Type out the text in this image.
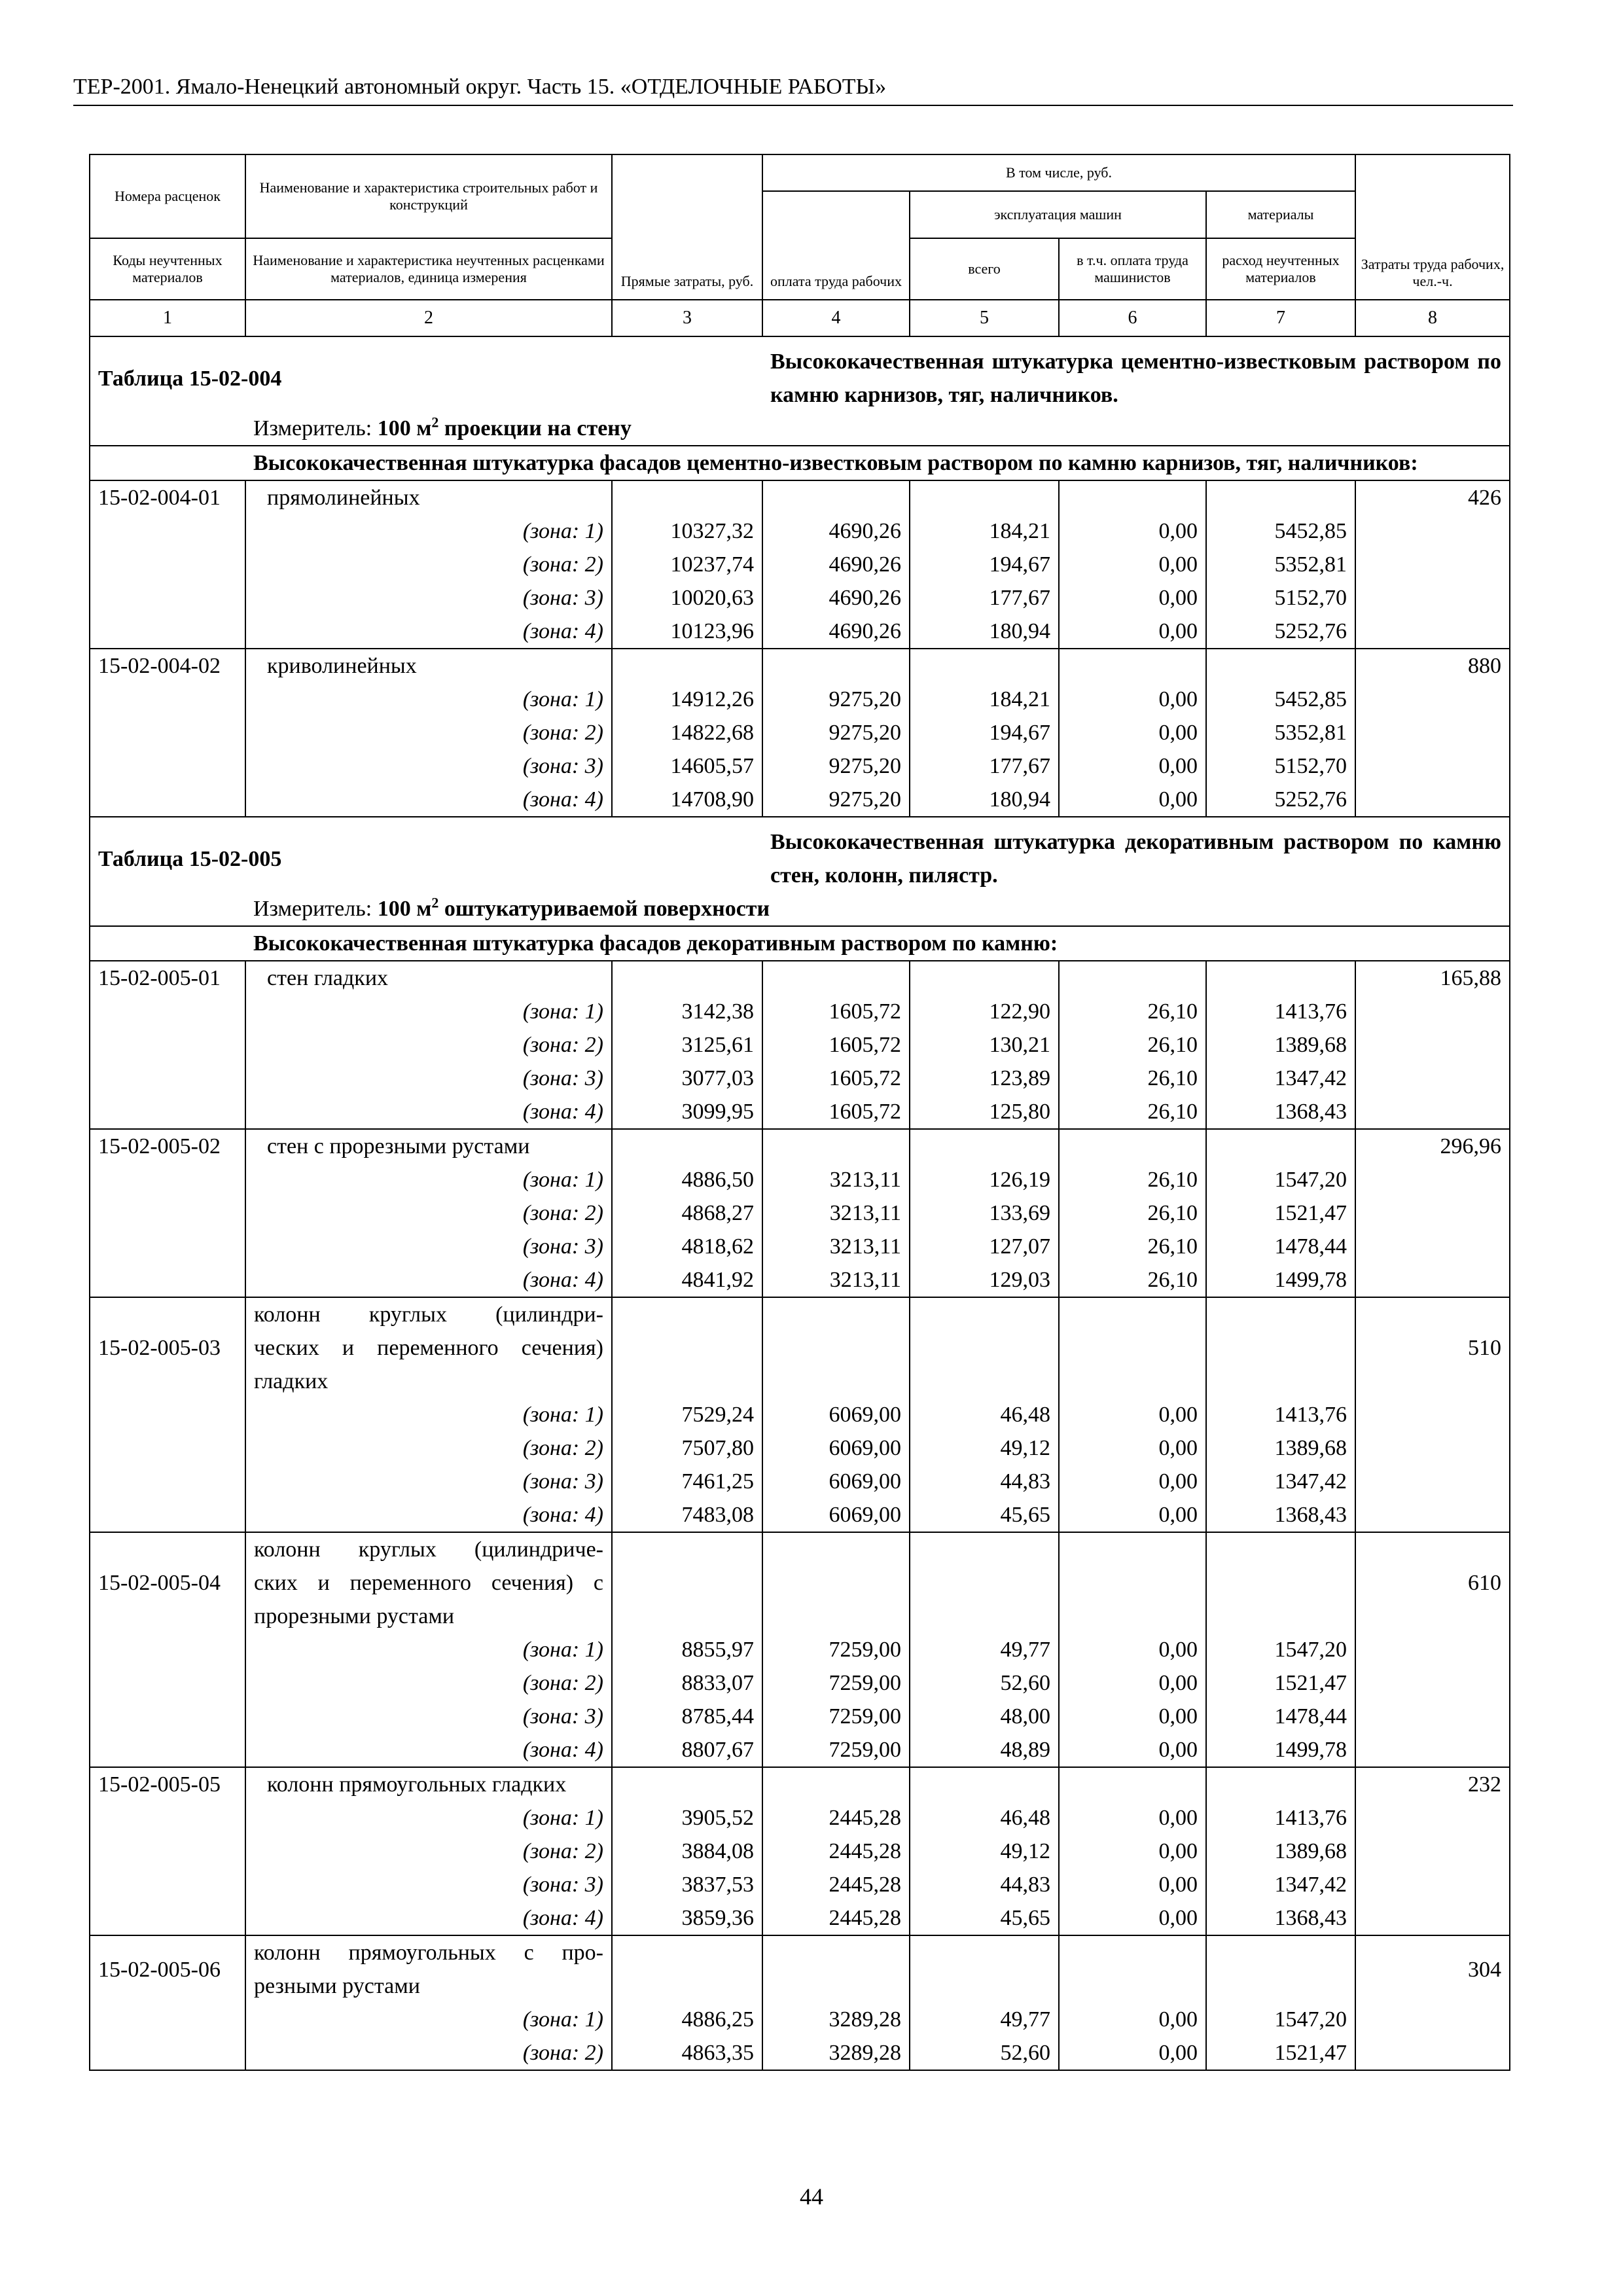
ТЕР-2001. Ямало-Ненецкий автономный округ. Часть 15. «ОТДЕЛОЧНЫЕ РАБОТЫ»
Номера расценок	Наименование и характеристика строительных работ и конструкций	Прямые затраты, руб.	В том числе, руб.				Затраты труда рабочих, чел.-ч.
			оплата труда рабочих	эксплуатация машин		материалы	
Коды неучтенных материалов	Наименование и характеристика неучтенных расценками материалов, единица измерения			всего	в т.ч. оплата труда машинистов	расход неучтенных материалов	

1	2	3	4	5	6	7	8
Таблица 15-02-004			Высококачественная штукатурка цементно-известковым раствором по камню карнизов, тяг, наличников.				
	Измеритель: 100 $м^2$ проекции на стену						
	Высококачественная штукатурка фасадов цементно-известковым раствором по камню карнизов, тяг, наличников:						
15-02-004-01	прямолинейных						426
	(зона: 1)	10327,32	4690,26	184,21	0,00	5452,85	
	(зона: 2)	10237,74	4690,26	194,67	0,00	5352,81	
	(зона: 3)	10020,63	4690,26	177,67	0,00	5152,70	
	(зона: 4)	10123,96	4690,26	180,94	0,00	5252,76	
15-02-004-02	криволинейных						880
	(зона: 1)	14912,26	9275,20	184,21	0,00	5452,85	
	(зона: 2)	14822,68	9275,20	194,67	0,00	5352,81	
	(зона: 3)	14605,57	9275,20	177,67	0,00	5152,70	
	(зона: 4)	14708,90	9275,20	180,94	0,00	5252,76	
Таблица 15-02-005			Высококачественная штукатурка декоративным раствором по камню стен, колонн, пилястр.				
	Измеритель: 100 $м^2$ оштукатуриваемой поверхности						
	Высококачественная штукатурка фасадов декоративным раствором по камню:						
15-02-005-01	стен гладких						165,88
	(зона: 1)	3142,38	1605,72	122,90	26,10	1413,76	
	(зона: 2)	3125,61	1605,72	130,21	26,10	1389,68	
	(зона: 3)	3077,03	1605,72	123,89	26,10	1347,42	
	(зона: 4)	3099,95	1605,72	125,80	26,10	1368,43	
15-02-005-02	стен с прорезными рустами						296,96
	(зона: 1)	4886,50	3213,11	126,19	26,10	1547,20	
	(зона: 2)	4868,27	3213,11	133,69	26,10	1521,47	
	(зона: 3)	4818,62	3213,11	127,07	26,10	1478,44	
	(зона: 4)	4841,92	3213,11	129,03	26,10	1499,78	
15-02-005-03	колонн круглых (цилиндри-
ческих и переменного сечения)
гладких						510
	(зона: 1)	7529,24	6069,00	46,48	0,00	1413,76	
	(зона: 2)	7507,80	6069,00	49,12	0,00	1389,68	
	(зона: 3)	7461,25	6069,00	44,83	0,00	1347,42	
	(зона: 4)	7483,08	6069,00	45,65	0,00	1368,43	
15-02-005-04	колонн круглых (цилиндриче-
ских и переменного сечения) с
прорезными рустами						610
	(зона: 1)	8855,97	7259,00	49,77	0,00	1547,20	
	(зона: 2)	8833,07	7259,00	52,60	0,00	1521,47	
	(зона: 3)	8785,44	7259,00	48,00	0,00	1478,44	
	(зона: 4)	8807,67	7259,00	48,89	0,00	1499,78	
15-02-005-05	колонн прямоугольных гладких						232
	(зона: 1)	3905,52	2445,28	46,48	0,00	1413,76	
	(зона: 2)	3884,08	2445,28	49,12	0,00	1389,68	
	(зона: 3)	3837,53	2445,28	44,83	0,00	1347,42	
	(зона: 4)	3859,36	2445,28	45,65	0,00	1368,43	
15-02-005-06	колонн прямоугольных с про-
резными рустами						304
	(зона: 1)	4886,25	3289,28	49,77	0,00	1547,20	
	(зона: 2)	4863,35	3289,28	52,60	0,00	1521,47	
44
